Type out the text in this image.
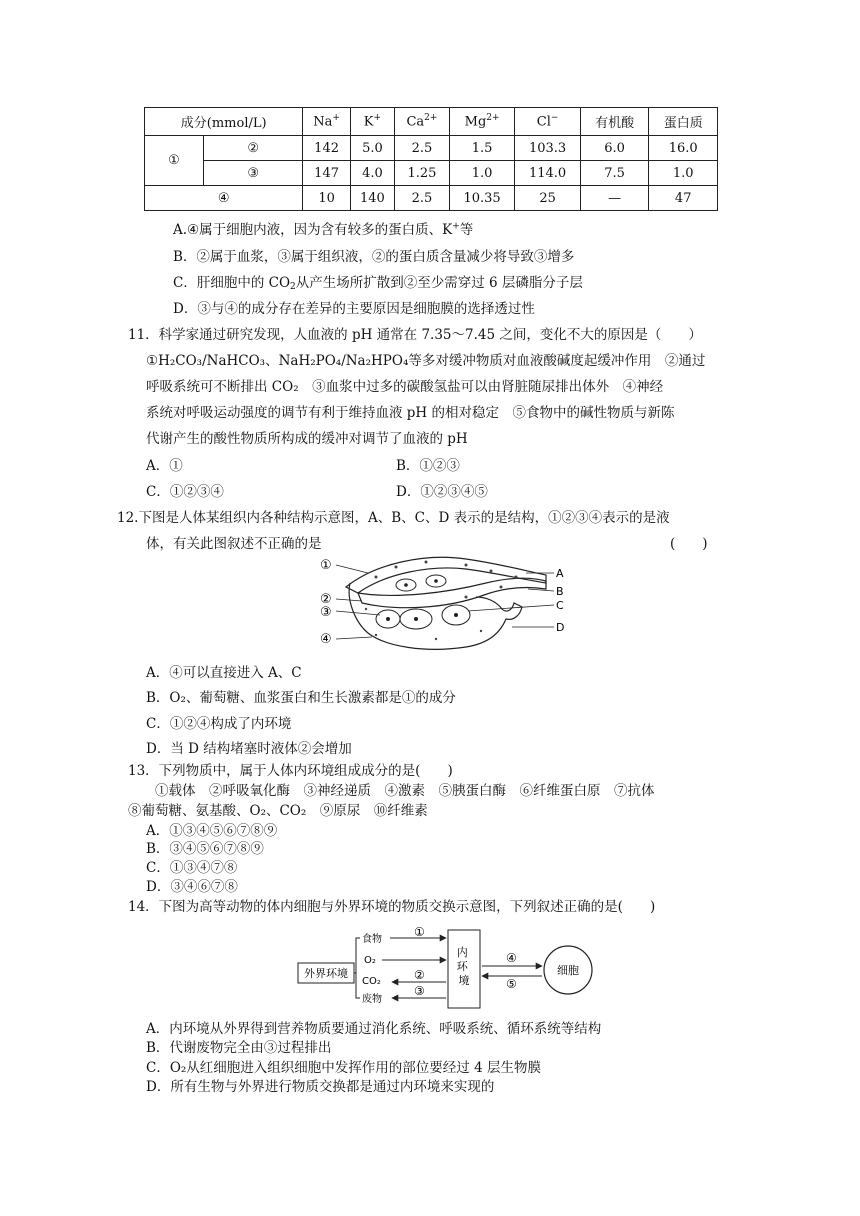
成分(mmol/L)		Na+	K+	$Ca^{2+}$	$Mg^{2+}$	Cl−	有机酸	蛋白质
①	②	142	5.0	2.5	1.5	103.3	6.0	16.0
	③	147	4.0	1.25	1.0	114.0	7.5	1.0
④		10	140	2.5	10.35	25	—	47
A.④属于细胞内液，因为含有较多的蛋白质、K+等
B．②属于血浆，③属于组织液，②的蛋白质含量减少将导致③增多
C．肝细胞中的 $CO_2$从产生场所扩散到②至少需穿过 6 层磷脂分子层
D．③与④的成分存在差异的主要原因是细胞膜的选择透过性
11．科学家通过研究发现，人血液的 pH 通常在 7.35～7.45 之间，变化不大的原因是（　　）
①H₂CO₃/NaHCO₃、NaH₂PO₄/Na₂HPO₄等多对缓冲物质对血液酸碱度起缓冲作用　②通过
呼吸系统可不断排出 CO₂　③血浆中过多的碳酸氢盐可以由肾脏随尿排出体外　④神经
系统对呼吸运动强度的调节有利于维持血液 pH 的相对稳定　⑤食物中的碱性物质与新陈
代谢产生的酸性物质所构成的缓冲对调节了血液的 pH
A．①	B．①②③
C．①②③④	D．①②③④⑤
12.下图是人体某组织内各种结构示意图，A、B、C、D 表示的是结构，①②③④表示的是液
体，有关此图叙述不正确的是	(　　)
①
②
③
④
A
B
C
D
A．④可以直接进入 A、C
B．O₂、葡萄糖、血浆蛋白和生长激素都是①的成分
C．①②④构成了内环境
D．当 D 结构堵塞时液体②会增加
13．下列物质中，属于人体内环境组成成分的是(　　)
①载体　②呼吸氧化酶　③神经递质　④激素　⑤胰蛋白酶　⑥纤维蛋白原　⑦抗体
⑧葡萄糖、氨基酸、O₂、CO₂　⑨原尿　⑩纤维素
A．①③④⑤⑥⑦⑧⑨
B．③④⑤⑥⑦⑧⑨
C．①③④⑦⑧
D．③④⑥⑦⑧
14．下图为高等动物的体内细胞与外界环境的物质交换示意图，下列叙述正确的是(　　)
外界环境
食物
O₂
CO₂
废物
①
②
③
内 环 境
④
⑤
细胞
A．内环境从外界得到营养物质要通过消化系统、呼吸系统、循环系统等结构
B．代谢废物完全由③过程排出
C．O₂从红细胞进入组织细胞中发挥作用的部位要经过 4 层生物膜
D．所有生物与外界进行物质交换都是通过内环境来实现的
